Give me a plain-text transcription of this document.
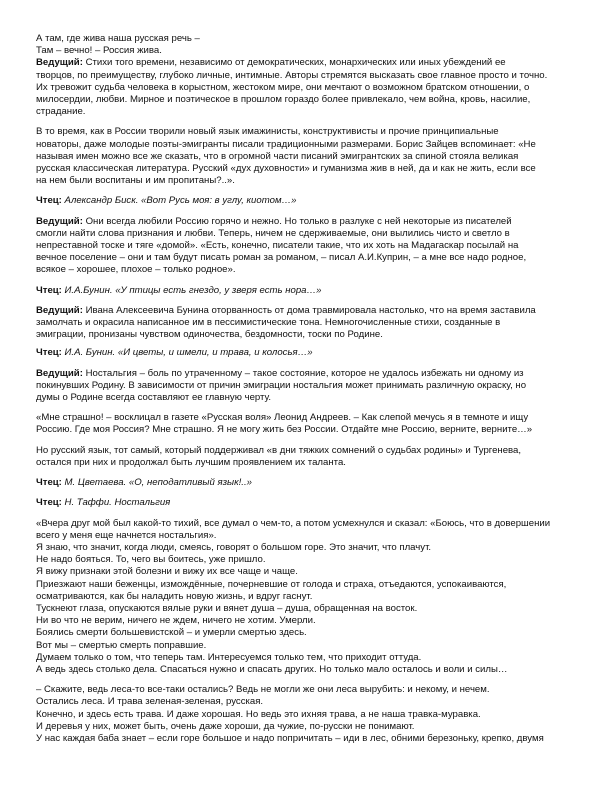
А там, где жива наша русская речь –
Там – вечно! – Россия жива.
Ведущий: Стихи того времени, независимо от демократических, монархических или иных убеждений ее
творцов, по преимуществу, глубоко личные, интимные. Авторы стремятся высказать свое главное просто и точно.
Их тревожит судьба человека в корыстном, жестоком мире, они мечтают о возможном братском отношении, о
милосердии, любви. Мирное и поэтическое в прошлом гораздо более привлекало, чем война, кровь, насилие,
страдание.
В то время, как в России творили новый язык имажинисты, конструктивисты и прочие принципиальные
новаторы, даже молодые поэты-эмигранты писали традиционными размерами. Борис Зайцев вспоминает: «Не
называя имен можно все же сказать, что в огромной части писаний эмигрантских за спиной стояла великая
русская классическая литература. Русский «дух духовности» и гуманизма жив в ней, да и как не жить, если все
на нем были воспитаны и им пропитаны?..».
Чтец: Александр Биск. «Вот Русь моя: в углу, киотом…»
Ведущий: Они всегда любили Россию горячо и нежно. Но только в разлуке с ней некоторые из писателей
смогли найти слова признания и любви. Теперь, ничем не сдерживаемые, они вылились чисто и светло в
непреставной тоске и тяге «домой». «Есть, конечно, писатели такие, что их хоть на Мадагаскар посылай на
вечное поселение – они и там будут писать роман за романом, – писал А.И.Куприн, – а мне все надо родное,
всякое – хорошее, плохое – только родное».
Чтец: И.А.Бунин. «У птицы есть гнездо, у зверя есть нора…»
Ведущий: Ивана Алексеевича Бунина оторванность от дома травмировала настолько, что на время заставила
замолчать и окрасила написанное им в пессимистические тона. Немногочисленные стихи, созданные в
эмиграции, пронизаны чувством одиночества, бездомности, тоски по Родине.
Чтец: И.А. Бунин. «И цветы, и шмели, и трава, и колосья…»
Ведущий: Ностальгия – боль по утраченному – такое состояние, которое не удалось избежать ни одному из
покинувших Родину. В зависимости от причин эмиграции ностальгия может принимать различную окраску, но
думы о Родине всегда составляют ее главную черту.
«Мне страшно! – восклицал в газете «Русская воля» Леонид Андреев. – Как слепой мечусь я в темноте и ищу
Россию. Где моя Россия? Мне страшно. Я не могу жить без России. Отдайте мне Россию, верните, верните…»
Но русский язык, тот самый, который поддерживал «в дни тяжких сомнений о судьбах родины» и Тургенева,
остался при них и продолжал быть лучшим проявлением их таланта.
Чтец: М. Цветаева. «О, неподатливый язык!..»
Чтец: Н. Таффи. Ностальгия
«Вчера друг мой был какой-то тихий, все думал о чем-то, а потом усмехнулся и сказал: «Боюсь, что в довершении
всего у меня еще начнется ностальгия».
Я знаю, что значит, когда люди, смеясь, говорят о большом горе. Это значит, что плачут.
Не надо бояться. То, чего вы боитесь, уже пришло.
Я вижу признаки этой болезни и вижу их все чаще и чаще.
Приезжают наши беженцы, измождённые, почерневшие от голода и страха, отъедаются, успокаиваются,
осматриваются, как бы наладить новую жизнь, и вдруг гаснут.
Тускнеют глаза, опускаются вялые руки и вянет душа – душа, обращенная на восток.
Ни во что не верим, ничего не ждем, ничего не хотим. Умерли.
Боялись смерти большевистской – и умерли смертью здесь.
Вот мы – смертью смерть поправшие.
Думаем только о том, что теперь там. Интересуемся только тем, что приходит оттуда.
А ведь здесь столько дела. Спасаться нужно и спасать других. Но только мало осталось и воли и силы…
– Скажите, ведь леса-то все-таки остались? Ведь не могли же они леса вырубить: и некому, и нечем.
Остались леса. И трава зеленая-зеленая, русская.
Конечно, и здесь есть трава. И даже хорошая. Но ведь это ихняя трава, а не наша травка-муравка.
И деревья у них, может быть, очень даже хороши, да чужие, по-русски не понимают.
У нас каждая баба знает – если горе большое и надо попричитать – иди в лес, обними березоньку, крепко, двумя
